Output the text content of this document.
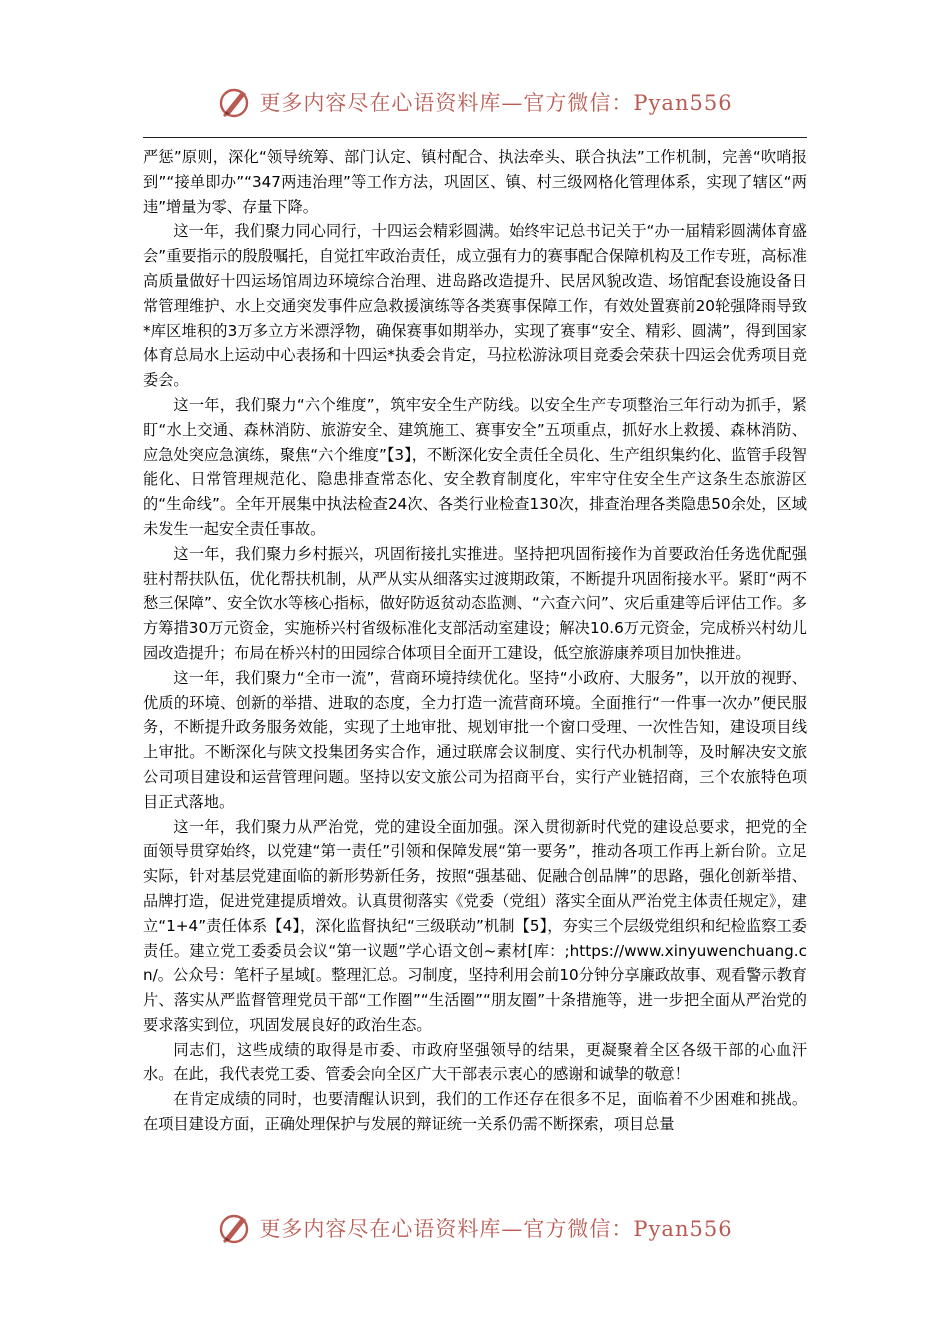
更多内容尽在心语资料库—官方微信：Pyan556

严惩”原则，深化“领导统筹、部门认定、镇村配合、执法牵头、联合执法”工作机制，完善“吹哨报到”“接单即办”“347两违治理”等工作方法，巩固区、镇、村三级网格化管理体系，实现了辖区“两违”增量为零、存量下降。

这一年，我们聚力同心同行，十四运会精彩圆满。始终牢记总书记关于“办一届精彩圆满体育盛会”重要指示的殷殷嘱托，自觉扛牢政治责任，成立强有力的赛事配合保障机构及工作专班，高标准高质量做好十四运场馆周边环境综合治理、进岛路改造提升、民居风貌改造、场馆配套设施设备日常管理维护、水上交通突发事件应急救援演练等各类赛事保障工作，有效处置赛前20轮强降雨导致*库区堆积的3万多立方米漂浮物，确保赛事如期举办，实现了赛事“安全、精彩、圆满”，得到国家体育总局水上运动中心表扬和十四运*执委会肯定，马拉松游泳项目竞委会荣获十四运会优秀项目竞委会。

这一年，我们聚力“六个维度”，筑牢安全生产防线。以安全生产专项整治三年行动为抓手，紧盯“水上交通、森林消防、旅游安全、建筑施工、赛事安全”五项重点，抓好水上救援、森林消防、应急处突应急演练，聚焦“六个维度”【3】，不断深化安全责任全员化、生产组织集约化、监管手段智能化、日常管理规范化、隐患排查常态化、安全教育制度化，牢牢守住安全生产这条生态旅游区的“生命线”。全年开展集中执法检查24次、各类行业检查130次，排查治理各类隐患50余处，区域未发生一起安全责任事故。

这一年，我们聚力乡村振兴，巩固衔接扎实推进。坚持把巩固衔接作为首要政治任务选优配强驻村帮扶队伍，优化帮扶机制，从严从实从细落实过渡期政策，不断提升巩固衔接水平。紧盯“两不愁三保障”、安全饮水等核心指标，做好防返贫动态监测、“六查六问”、灾后重建等后评估工作。多方筹措30万元资金，实施桥兴村省级标准化支部活动室建设；解决10.6万元资金，完成桥兴村幼儿园改造提升；布局在桥兴村的田园综合体项目全面开工建设，低空旅游康养项目加快推进。

这一年，我们聚力“全市一流”，营商环境持续优化。坚持“小政府、大服务”，以开放的视野、优质的环境、创新的举措、进取的态度，全力打造一流营商环境。全面推行“一件事一次办”便民服务，不断提升政务服务效能，实现了土地审批、规划审批一个窗口受理、一次性告知，建设项目线上审批。不断深化与陕文投集团务实合作，通过联席会议制度、实行代办机制等，及时解决安文旅公司项目建设和运营管理问题。坚持以安文旅公司为招商平台，实行产业链招商，三个农旅特色项目正式落地。

这一年，我们聚力从严治党，党的建设全面加强。深入贯彻新时代党的建设总要求，把党的全面领导贯穿始终，以党建“第一责任”引领和保障发展“第一要务”，推动各项工作再上新台阶。立足实际，针对基层党建面临的新形势新任务，按照“强基础、促融合创品牌”的思路，强化创新举措、品牌打造，促进党建提质增效。认真贯彻落实《党委（党组）落实全面从严治党主体责任规定》，建立“1+4”责任体系【4】，深化监督执纪“三级联动”机制【5】，夯实三个层级党组织和纪检监察工委责任。建立党工委委员会议“第一议题”学心语文创~素材[库：;https://www.xinyuwenchuang.cn/。公众号：笔杆子星域[。整理汇总。习制度，坚持利用会前10分钟分享廉政故事、观看警示教育片、落实从严监督管理党员干部“工作圈”“生活圈”“朋友圈”十条措施等，进一步把全面从严治党的要求落实到位，巩固发展良好的政治生态。

同志们，这些成绩的取得是市委、市政府坚强领导的结果，更凝聚着全区各级干部的心血汗水。在此，我代表党工委、管委会向全区广大干部表示衷心的感谢和诚挚的敬意！

在肯定成绩的同时，也要清醒认识到，我们的工作还存在很多不足，面临着不少困难和挑战。在项目建设方面，正确处理保护与发展的辩证统一关系仍需不断探索，项目总量

更多内容尽在心语资料库—官方微信：Pyan556
